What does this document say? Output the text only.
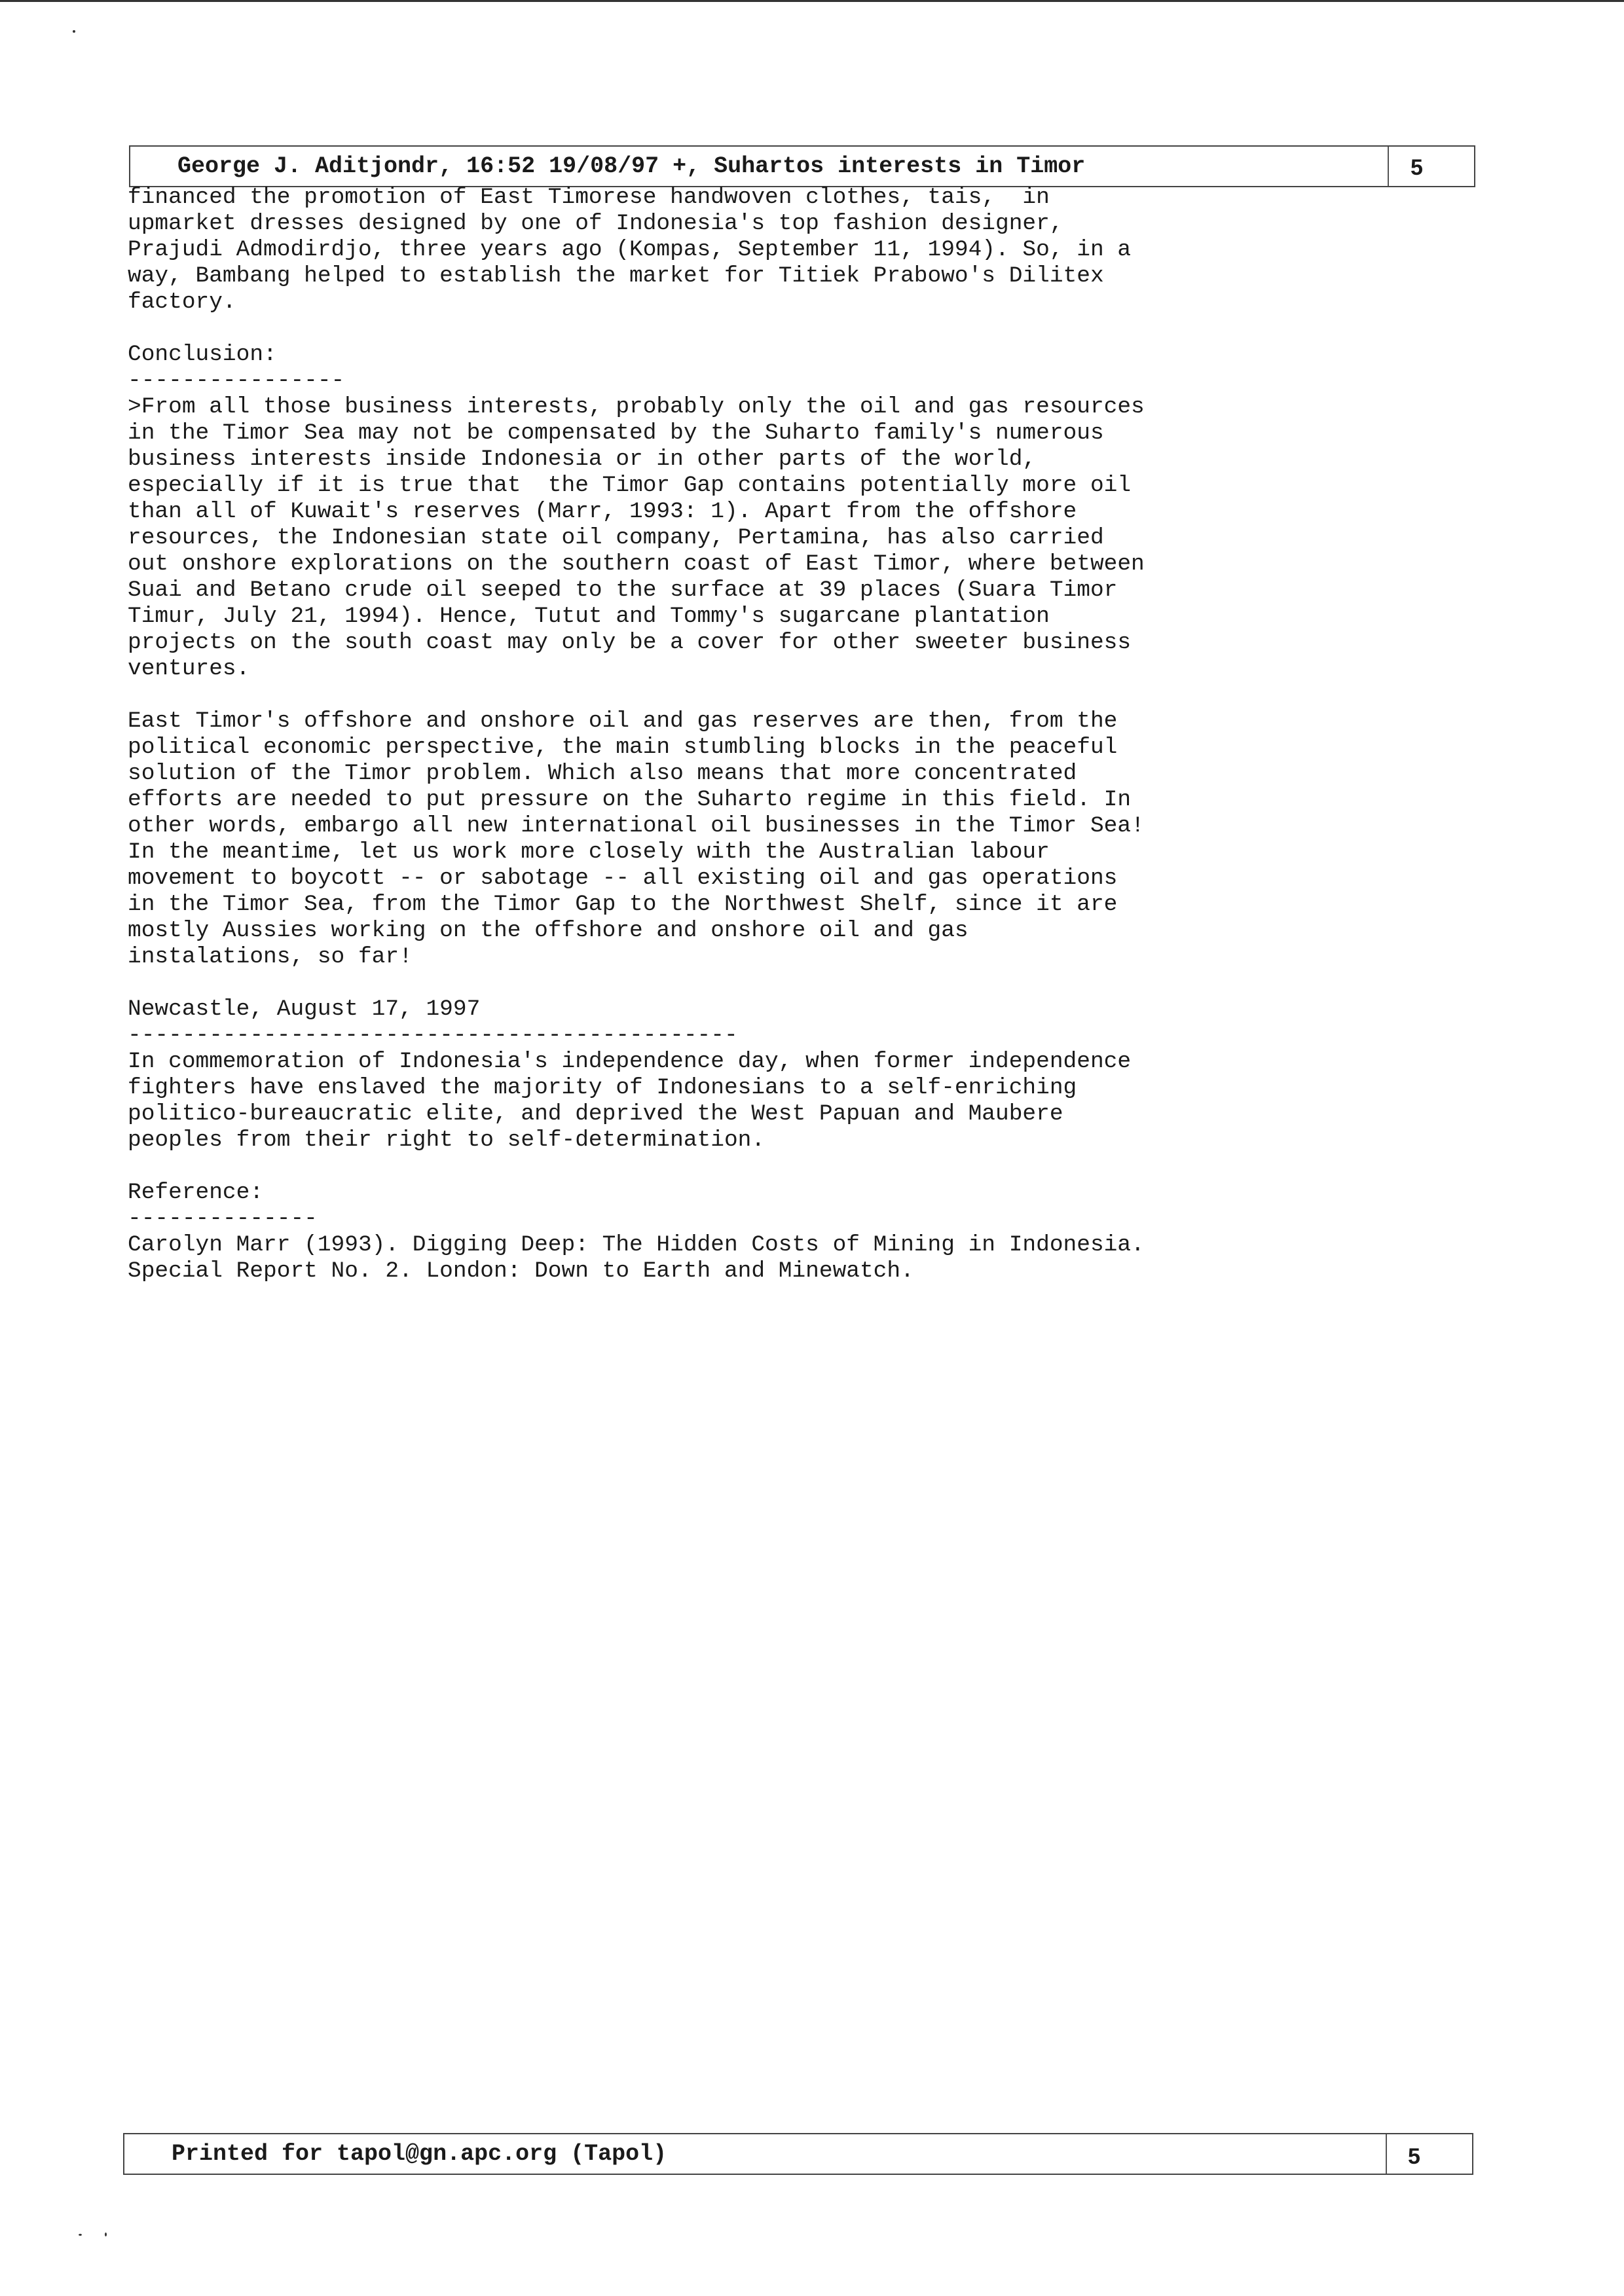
George J. Aditjondr, 16:52 19/08/97 +, Suhartos interests in Timor	5

financed the promotion of East Timorese handwoven clothes, tais,  in
upmarket dresses designed by one of Indonesia's top fashion designer,
Prajudi Admodirdjo, three years ago (Kompas, September 11, 1994). So, in a
way, Bambang helped to establish the market for Titiek Prabowo's Dilitex
factory.

Conclusion:
----------------

>From all those business interests, probably only the oil and gas resources
in the Timor Sea may not be compensated by the Suharto family's numerous
business interests inside Indonesia or in other parts of the world,
especially if it is true that  the Timor Gap contains potentially more oil
than all of Kuwait's reserves (Marr, 1993: 1). Apart from the offshore
resources, the Indonesian state oil company, Pertamina, has also carried
out onshore explorations on the southern coast of East Timor, where between
Suai and Betano crude oil seeped to the surface at 39 places (Suara Timor
Timur, July 21, 1994). Hence, Tutut and Tommy's sugarcane plantation
projects on the south coast may only be a cover for other sweeter business
ventures.

East Timor's offshore and onshore oil and gas reserves are then, from the
political economic perspective, the main stumbling blocks in the peaceful
solution of the Timor problem. Which also means that more concentrated
efforts are needed to put pressure on the Suharto regime in this field. In
other words, embargo all new international oil businesses in the Timor Sea!
In the meantime, let us work more closely with the Australian labour
movement to boycott -- or sabotage -- all existing oil and gas operations
in the Timor Sea, from the Timor Gap to the Northwest Shelf, since it are
mostly Aussies working on the offshore and onshore oil and gas
instalations, so far!

Newcastle, August 17, 1997
---------------------------------------------

In commemoration of Indonesia's independence day, when former independence
fighters have enslaved the majority of Indonesians to a self-enriching
politico-bureaucratic elite, and deprived the West Papuan and Maubere
peoples from their right to self-determination.

Reference:
--------------

Carolyn Marr (1993). Digging Deep: The Hidden Costs of Mining in Indonesia.
Special Report No. 2. London: Down to Earth and Minewatch.

Printed for tapol@gn.apc.org (Tapol)	5
